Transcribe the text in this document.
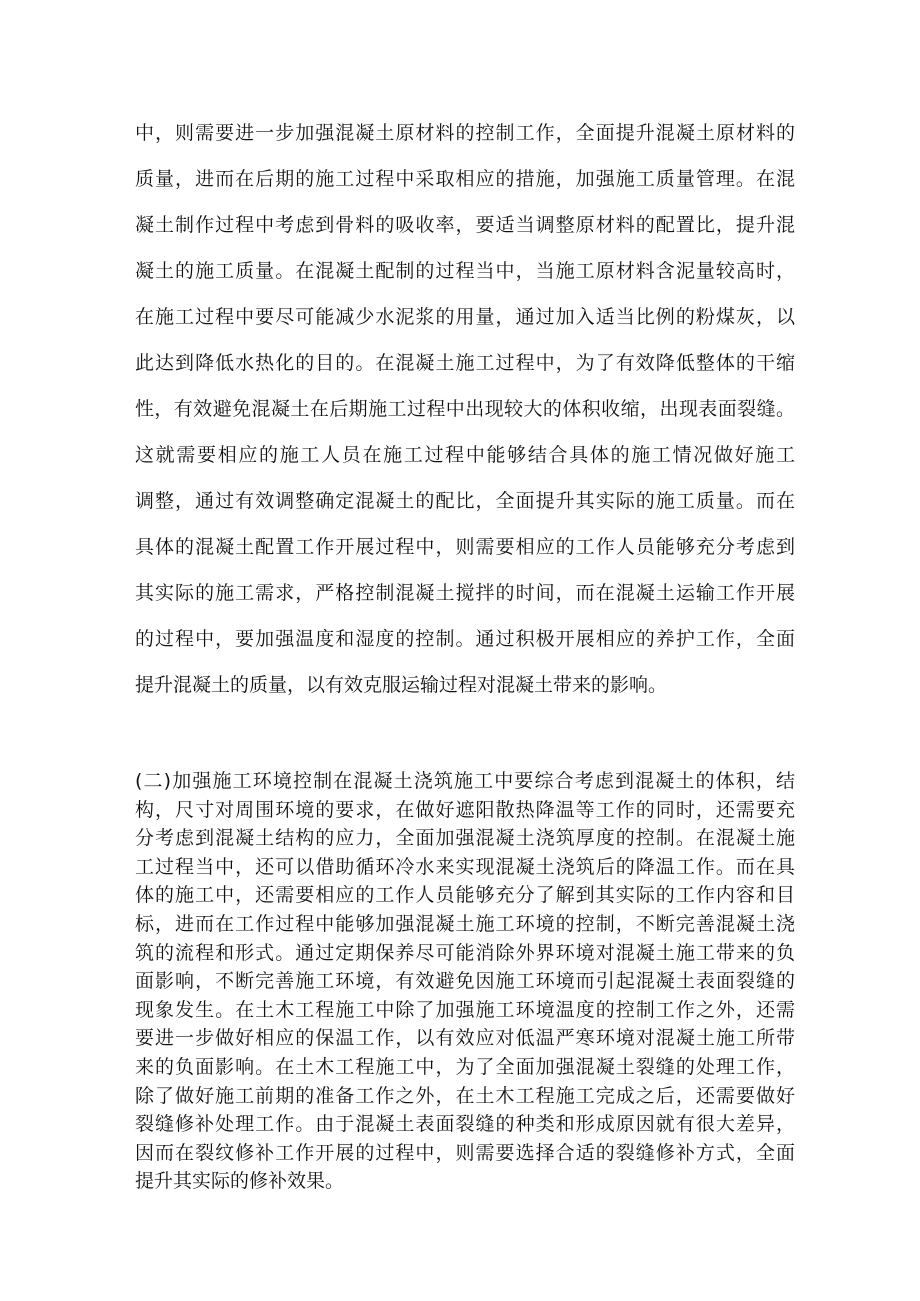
中，则需要进一步加强混凝土原材料的控制工作，全面提升混凝土原材料的
质量，进而在后期的施工过程中采取相应的措施，加强施工质量管理。在混
凝土制作过程中考虑到骨料的吸收率，要适当调整原材料的配置比，提升混
凝土的施工质量。在混凝土配制的过程当中，当施工原材料含泥量较高时，
在施工过程中要尽可能减少水泥浆的用量，通过加入适当比例的粉煤灰，以
此达到降低水热化的目的。在混凝土施工过程中，为了有效降低整体的干缩
性，有效避免混凝土在后期施工过程中出现较大的体积收缩，出现表面裂缝。
这就需要相应的施工人员在施工过程中能够结合具体的施工情况做好施工
调整，通过有效调整确定混凝土的配比，全面提升其实际的施工质量。而在
具体的混凝土配置工作开展过程中，则需要相应的工作人员能够充分考虑到
其实际的施工需求，严格控制混凝土搅拌的时间，而在混凝土运输工作开展
的过程中，要加强温度和湿度的控制。通过积极开展相应的养护工作，全面
提升混凝土的质量，以有效克服运输过程对混凝土带来的影响。
(二)加强施工环境控制在混凝土浇筑施工中要综合考虑到混凝土的体积，结
构，尺寸对周围环境的要求，在做好遮阳散热降温等工作的同时，还需要充
分考虑到混凝土结构的应力，全面加强混凝土浇筑厚度的控制。在混凝土施
工过程当中，还可以借助循环冷水来实现混凝土浇筑后的降温工作。而在具
体的施工中，还需要相应的工作人员能够充分了解到其实际的工作内容和目
标，进而在工作过程中能够加强混凝土施工环境的控制，不断完善混凝土浇
筑的流程和形式。通过定期保养尽可能消除外界环境对混凝土施工带来的负
面影响，不断完善施工环境，有效避免因施工环境而引起混凝土表面裂缝的
现象发生。在土木工程施工中除了加强施工环境温度的控制工作之外，还需
要进一步做好相应的保温工作，以有效应对低温严寒环境对混凝土施工所带
来的负面影响。在土木工程施工中，为了全面加强混凝土裂缝的处理工作，
除了做好施工前期的准备工作之外，在土木工程施工完成之后，还需要做好
裂缝修补处理工作。由于混凝土表面裂缝的种类和形成原因就有很大差异，
因而在裂纹修补工作开展的过程中，则需要选择合适的裂缝修补方式，全面
提升其实际的修补效果。
